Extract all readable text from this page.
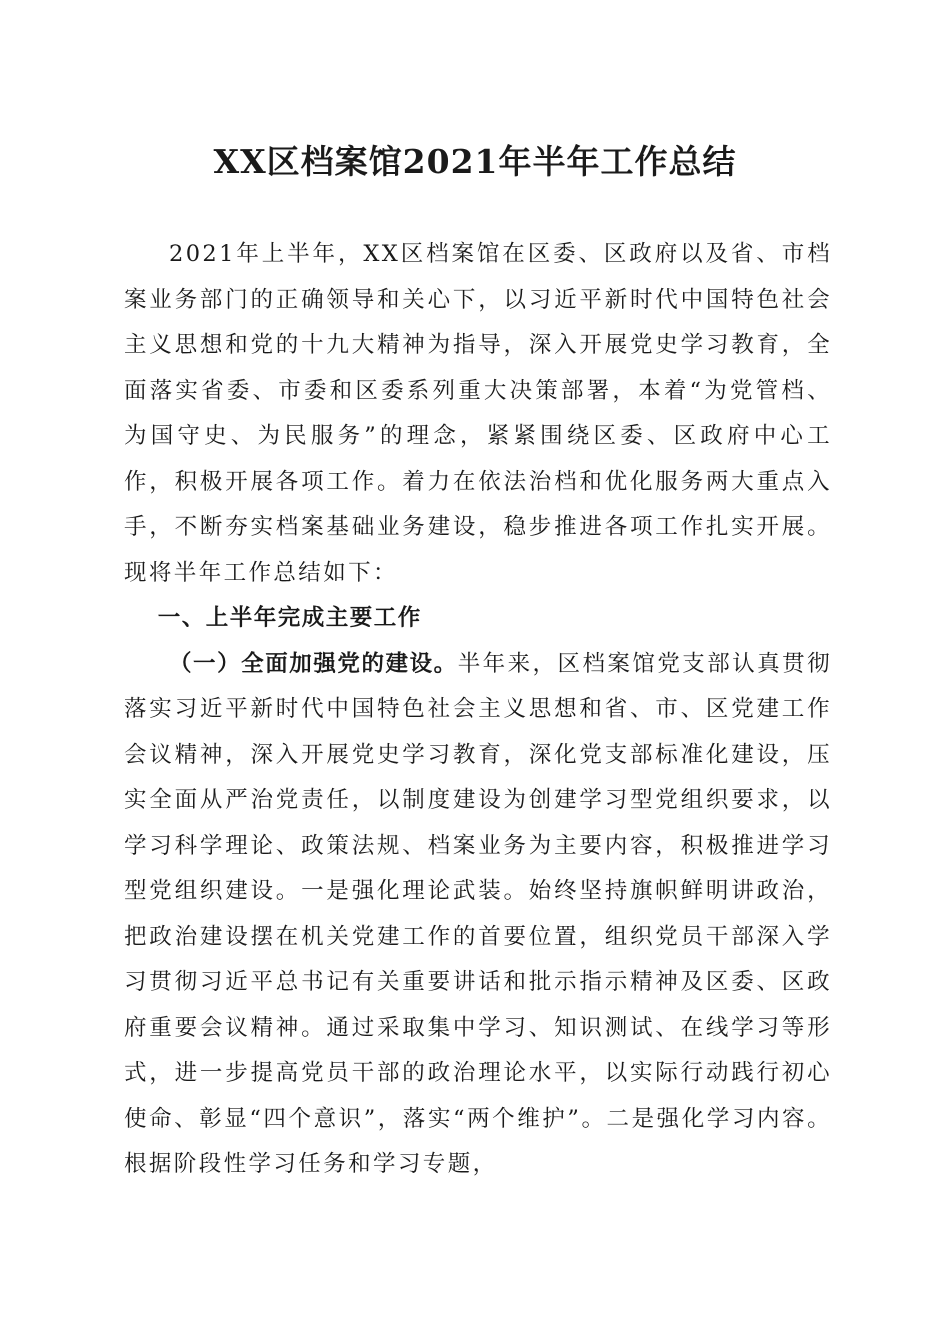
XX区档案馆2021年半年工作总结

2021年上半年，XX区档案馆在区委、区政府以及省、市档案业务部门的正确领导和关心下，以习近平新时代中国特色社会主义思想和党的十九大精神为指导，深入开展党史学习教育，全面落实省委、市委和区委系列重大决策部署，本着“为党管档、为国守史、为民服务”的理念，紧紧围绕区委、区政府中心工作，积极开展各项工作。着力在依法治档和优化服务两大重点入手，不断夯实档案基础业务建设，稳步推进各项工作扎实开展。现将半年工作总结如下：

一、上半年完成主要工作

（一）全面加强党的建设。半年来，区档案馆党支部认真贯彻落实习近平新时代中国特色社会主义思想和省、市、区党建工作会议精神，深入开展党史学习教育，深化党支部标准化建设，压实全面从严治党责任，以制度建设为创建学习型党组织要求，以学习科学理论、政策法规、档案业务为主要内容，积极推进学习型党组织建设。一是强化理论武装。始终坚持旗帜鲜明讲政治，把政治建设摆在机关党建工作的首要位置，组织党员干部深入学习贯彻习近平总书记有关重要讲话和批示指示精神及区委、区政府重要会议精神。通过采取集中学习、知识测试、在线学习等形式，进一步提高党员干部的政治理论水平，以实际行动践行初心使命、彰显“四个意识”，落实“两个维护”。二是强化学习内容。根据阶段性学习任务和学习专题，
